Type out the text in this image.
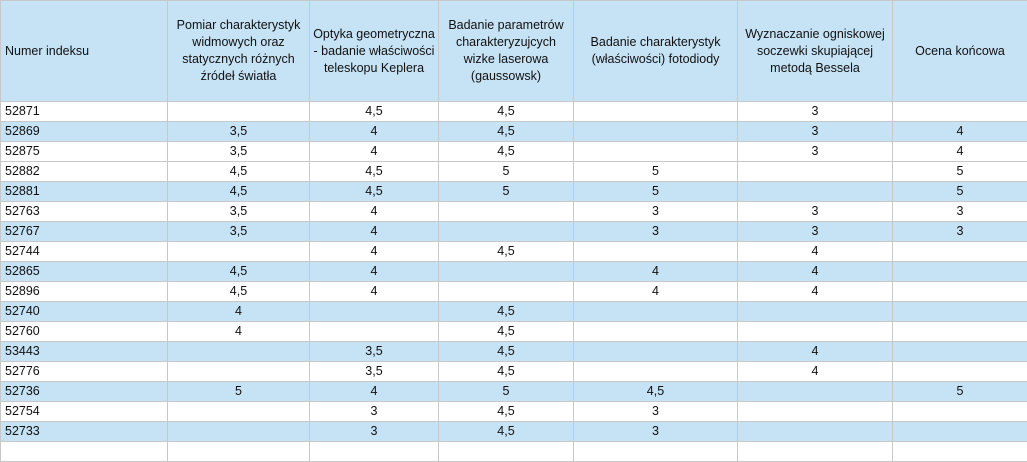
Numer indeksu	Pomiar charakterystyk widmowych oraz statycznych różnych źródeł światła	Optyka geometryczna - badanie właściwości teleskopu Keplera	Badanie parametrów charakteryzujcych wizke laserowa (gaussowsk)	Badanie charakterystyk (właściwości) fotodiody	Wyznaczanie ogniskowej soczewki skupiającej metodą Bessela	Ocena końcowa
52871		4,5	4,5		3	
52869	3,5	4	4,5		3	4
52875	3,5	4	4,5		3	4
52882	4,5	4,5	5	5		5
52881	4,5	4,5	5	5		5
52763	3,5	4		3	3	3
52767	3,5	4		3	3	3
52744		4	4,5		4	
52865	4,5	4		4	4	
52896	4,5	4		4	4	
52740	4		4,5			
52760	4		4,5			
53443		3,5	4,5		4	
52776		3,5	4,5		4	
52736	5	4	5	4,5		5
52754		3	4,5	3		
52733		3	4,5	3		
